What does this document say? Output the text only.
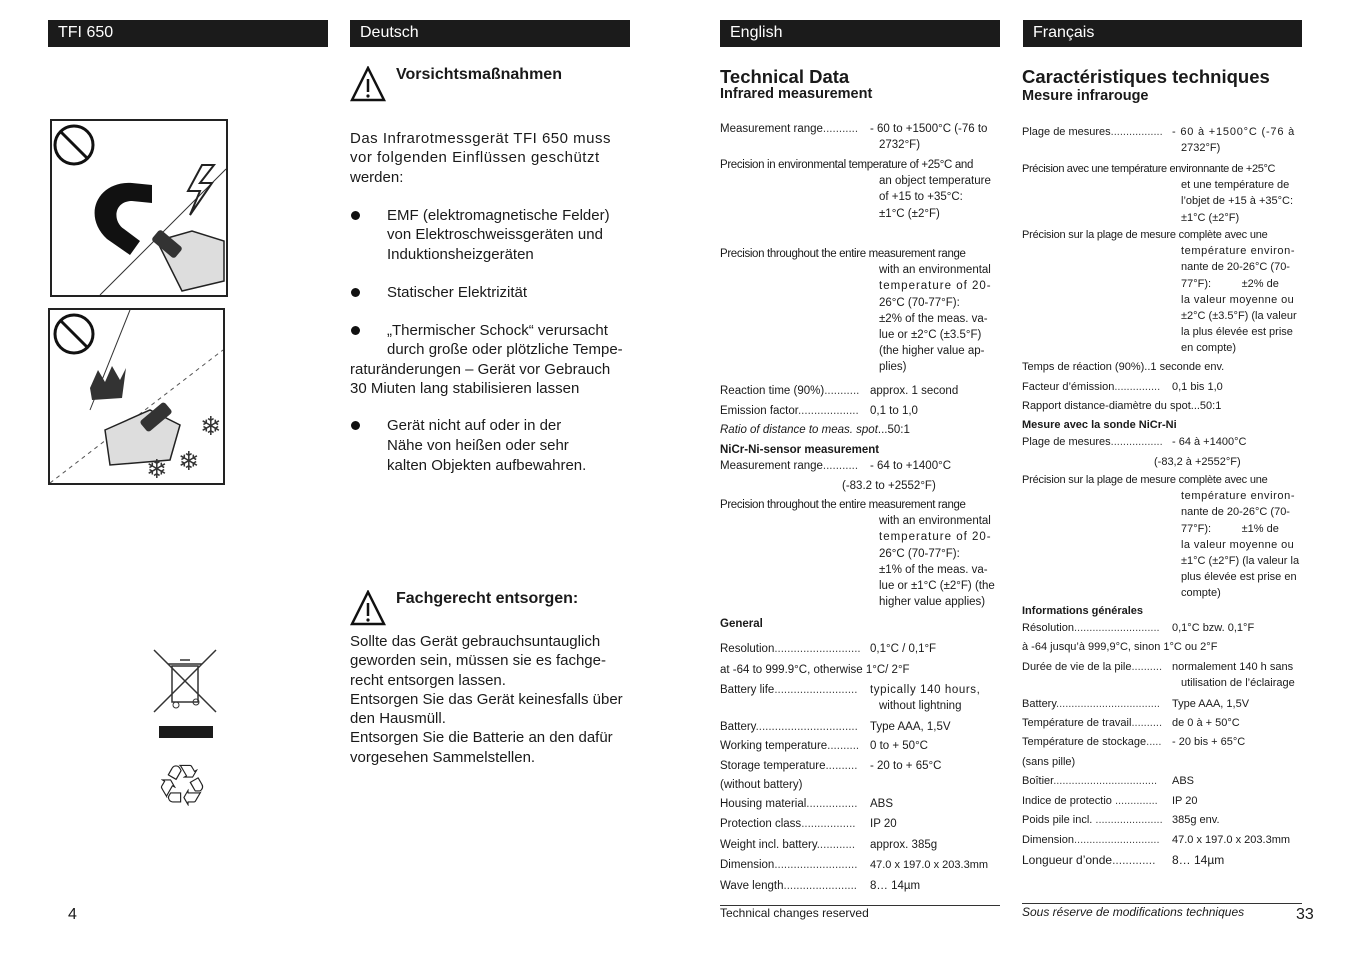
TFI 650	Deutsch	English	Français
❄
❄
❄
♲
4
Vorsichtsmaßnahmen
Das Infrarotmessgerät TFI 650 muss
vor folgenden Einflüssen geschützt
werden:
EMF (elektromagnetische Felder)
von Elektroschweissgeräten und
Induktionsheizgeräten
Statischer Elektrizität
„Thermischer Schock“ verursacht
durch große oder plötzliche Tempe-
raturänderungen – Gerät vor Gebrauch
30 Miuten lang stabilisieren lassen
Gerät nicht auf oder in der
Nähe von heißen oder sehr
kalten Objekten aufbewahren.
Fachgerecht entsorgen:
Sollte das Gerät gebrauchsuntauglich
geworden sein, müssen sie es fachge-
recht entsorgen lassen.
Entsorgen Sie das Gerät keinesfalls über
den Hausmüll.
Entsorgen Sie die Batterie an den dafür
vorgesehen Sammelstellen.
Technical Data
Infrared measurement
Measurement range...........	- 60 to +1500°C (-76 to
2732°F)
Precision in environmental temperature of +25°C and
an object temperature
of +15 to +35°C:
±1°C (±2°F)
Precision throughout the entire measurement range
with an environmental
temperature of 20-
26°C (70-77°F):
±2% of the meas. va-
lue or ±2°C (±3.5°F)
(the higher value ap-
plies)
Reaction time (90%)........... approx. 1 second
Emission factor................... 0,1 to 1,0
Ratio of distance to meas. spot...50:1
NiCr-Ni-sensor measurement
Measurement range...........	- 64 to +1400°C
(-83.2 to +2552°F)
Precision throughout the entire measurement range
with an environmental
temperature of 20-
26°C (70-77°F):
±1% of the meas. va-
lue or ±1°C (±2°F) (the
higher value applies)
General
Resolution........................... 0,1°C / 0,1°F
at -64 to 999.9°C, otherwise 1°C/ 2°F
Battery life..........................	typically 140 hours,
without lightning
Battery................................	Type AAA, 1,5V
Working temperature.......... 0 to + 50°C
Storage temperature..........	- 20 to + 65°C
(without battery)
Housing material................	ABS
Protection class.................	IP 20
Weight incl. battery............	approx. 385g
Dimension..........................	47.0 x 197.0 x 203.3mm
Wave length.......................	8… 14µm
Technical changes reserved
Caractéristiques techniques
Mesure infrarouge
Plage de mesures................. - 60 à +1500°C (-76 à
2732°F)
Précision avec une température environnante de +25°C
et une température de
l’objet de +15 à +35°C:
±1°C (±2°F)
Précision sur la plage de mesure complète avec une
température environ-
nante de 20-26°C (70-
77°F):          ±2% de
la valeur moyenne ou
±2°C (±3.5°F) (la valeur
la plus élevée est prise
en compte)
Temps de réaction (90%)..1 seconde env.
Facteur d’émission...............	0,1 bis 1,0
Rapport distance-diamètre du spot...50:1
Mesure avec la sonde NiCr-Ni
Plage de mesures................. - 64 à +1400°C
(-83,2 à +2552°F)
Précision sur la plage de mesure complète avec une
température environ-
nante de 20-26°C (70-
77°F):          ±1% de
la valeur moyenne ou
±1°C (±2°F) (la valeur la
plus élevée est prise en
compte)
Informations générales
Résolution............................	0,1°C bzw. 0,1°F
à -64 jusqu’à 999,9°C, sinon 1°C ou 2°F
Durée de vie de la pile.......... normalement 140 h sans
utilisation de l’éclairage
Battery..................................	Type AAA, 1,5V
Température de travail.......... de 0 à + 50°C
Température de stockage..... - 20 bis + 65°C
(sans pille)
Boîtier..................................	ABS
Indice de protectio ..............	IP 20
Poids pile incl. ...................... 385g env.
Dimension............................	47.0 x 197.0 x 203.3mm
Longueur d’onde.............	8… 14µm
Sous réserve de modifications techniques	33
